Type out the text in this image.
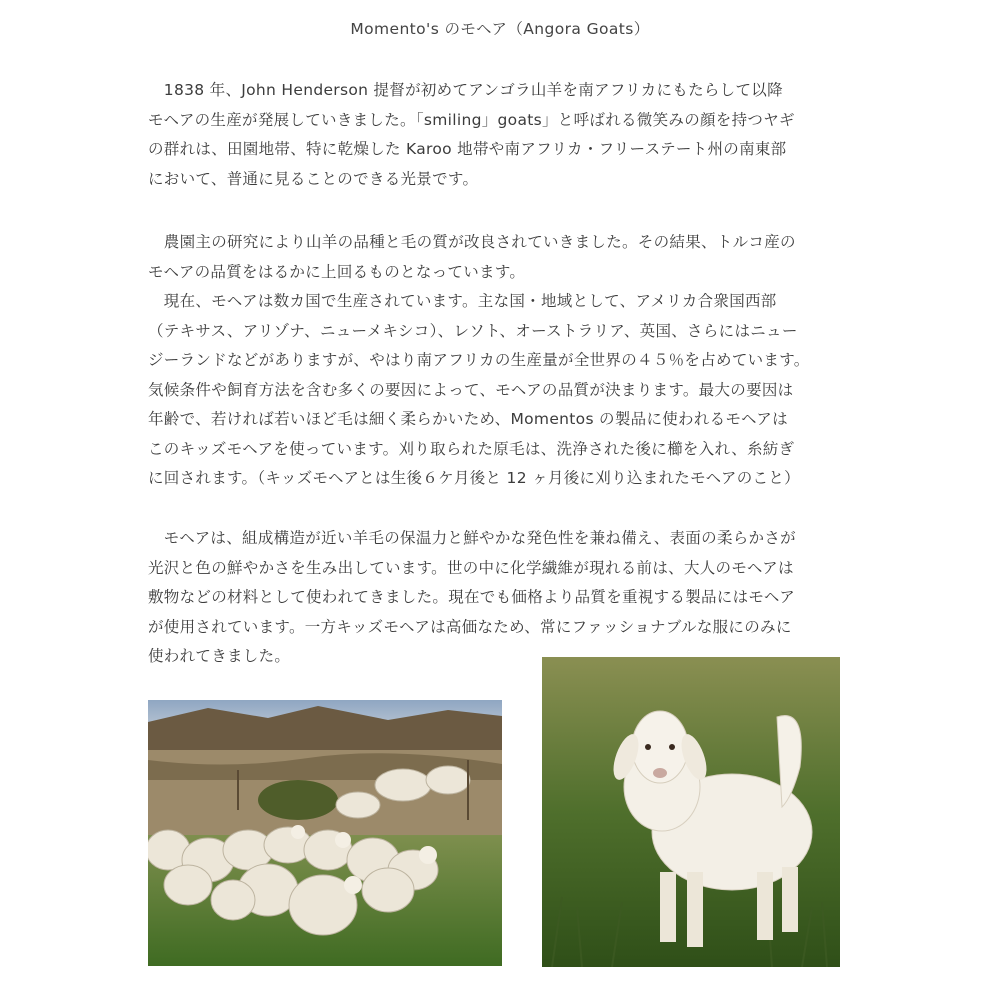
Momento's のモヘア（Angora Goats）

　1838 年、John Henderson 提督が初めてアンゴラ山羊を南アフリカにもたらして以降
モヘアの生産が発展していきました。「smiling」goats」と呼ばれる微笑みの顔を持つヤギ
の群れは、田園地帯、特に乾燥した Karoo 地帯や南アフリカ・フリーステート州の南東部
において、普通に見ることのできる光景です。

　農園主の研究により山羊の品種と毛の質が改良されていきました。その結果、トルコ産の
モヘアの品質をはるかに上回るものとなっています。
　現在、モヘアは数カ国で生産されています。主な国・地域として、アメリカ合衆国西部
（テキサス、アリゾナ、ニューメキシコ）、レソト、オーストラリア、英国、さらにはニュー
ジーランドなどがありますが、やはり南アフリカの生産量が全世界の４５％を占めています。
気候条件や飼育方法を含む多くの要因によって、モヘアの品質が決まります。最大の要因は
年齢で、若ければ若いほど毛は細く柔らかいため、Momentos の製品に使われるモヘアは
このキッズモヘアを使っています。刈り取られた原毛は、洗浄された後に櫛を入れ、糸紡ぎ
に回されます。（キッズモヘアとは生後６ケ月後と 12 ヶ月後に刈り込まれたモヘアのこと）

　モヘアは、組成構造が近い羊毛の保温力と鮮やかな発色性を兼ね備え、表面の柔らかさが
光沢と色の鮮やかさを生み出しています。世の中に化学繊維が現れる前は、大人のモヘアは
敷物などの材料として使われてきました。現在でも価格より品質を重視する製品にはモヘア
が使用されています。一方キッズモヘアは高価なため、常にファッショナブルな服にのみに
使われてきました。
